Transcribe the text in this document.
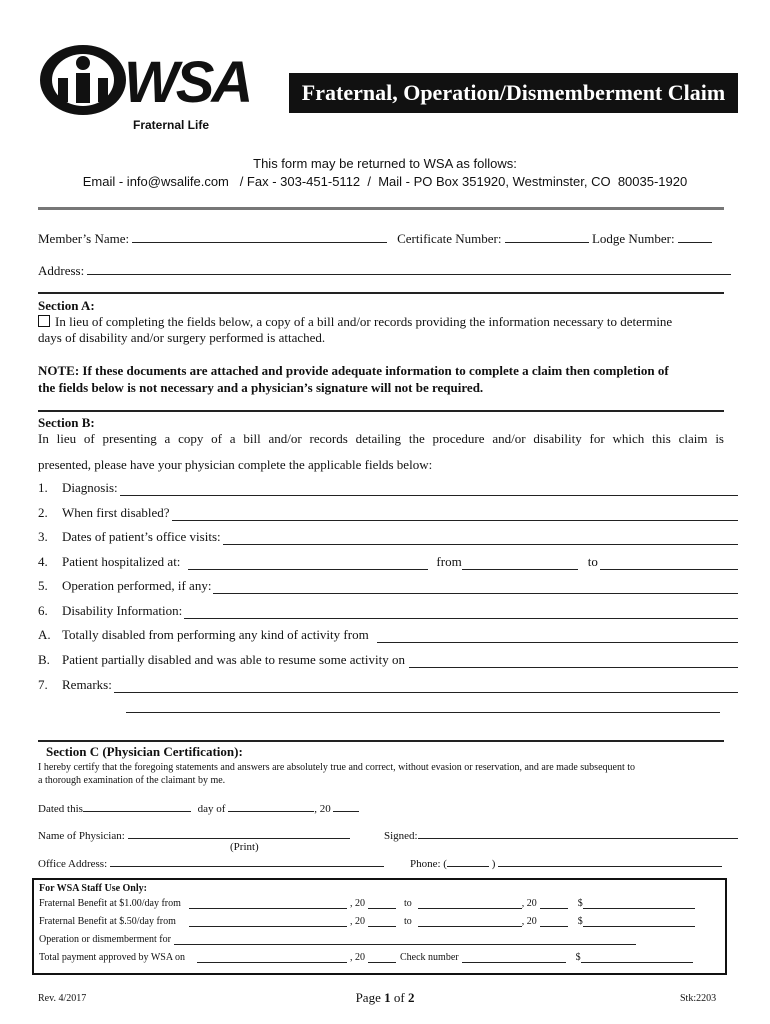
WSA
Fraternal Life
Fraternal, Operation/Dismemberment Claim
This form may be returned to WSA as follows:
Email - info@wsalife.com   / Fax - 303-451-5112  /  Mail - PO Box 351920, Westminster, CO  80035-1920
Member’s Name:	Certificate Number:	Lodge Number:
Address:
Section A:
In lieu of completing the fields below, a copy of a bill and/or records providing the information necessary to determine
days of disability and/or surgery performed is attached.
NOTE: If these documents are attached and provide adequate information to complete a claim then completion of
the fields below is not necessary and a physician’s signature will not be required.
Section B:
In lieu of presenting a copy of a bill and/or records detailing the procedure and/or disability for which this claim is
presented, please have your physician complete the applicable fields below:
1.	Diagnosis:
2.	When first disabled?
3.	Dates of patient’s office visits:
4.	Patient hospitalized at:	from	to
5.	Operation performed, if any:
6.	Disability Information:
A. Totally disabled from performing any kind of activity from
B. Patient partially disabled and was able to resume some activity on
7.	Remarks:
Section C (Physician Certification):
I hereby certify that the foregoing statements and answers are absolutely true and correct, without evasion or reservation, and are made subsequent to
a thorough examination of the claimant by me.
Dated this	day of	, 20
Name of Physician:	Signed:
(Print)
Office Address:	Phone: (	)
For WSA Staff Use Only:
Fraternal Benefit at $1.00/day from	, 20	to	, 20	$
Fraternal Benefit at $.50/day from	, 20	to	, 20	$
Operation or dismemberment for
Total payment approved by WSA on	, 20	Check number	$
Rev. 4/2017	Page 1 of 2	Stk:2203
